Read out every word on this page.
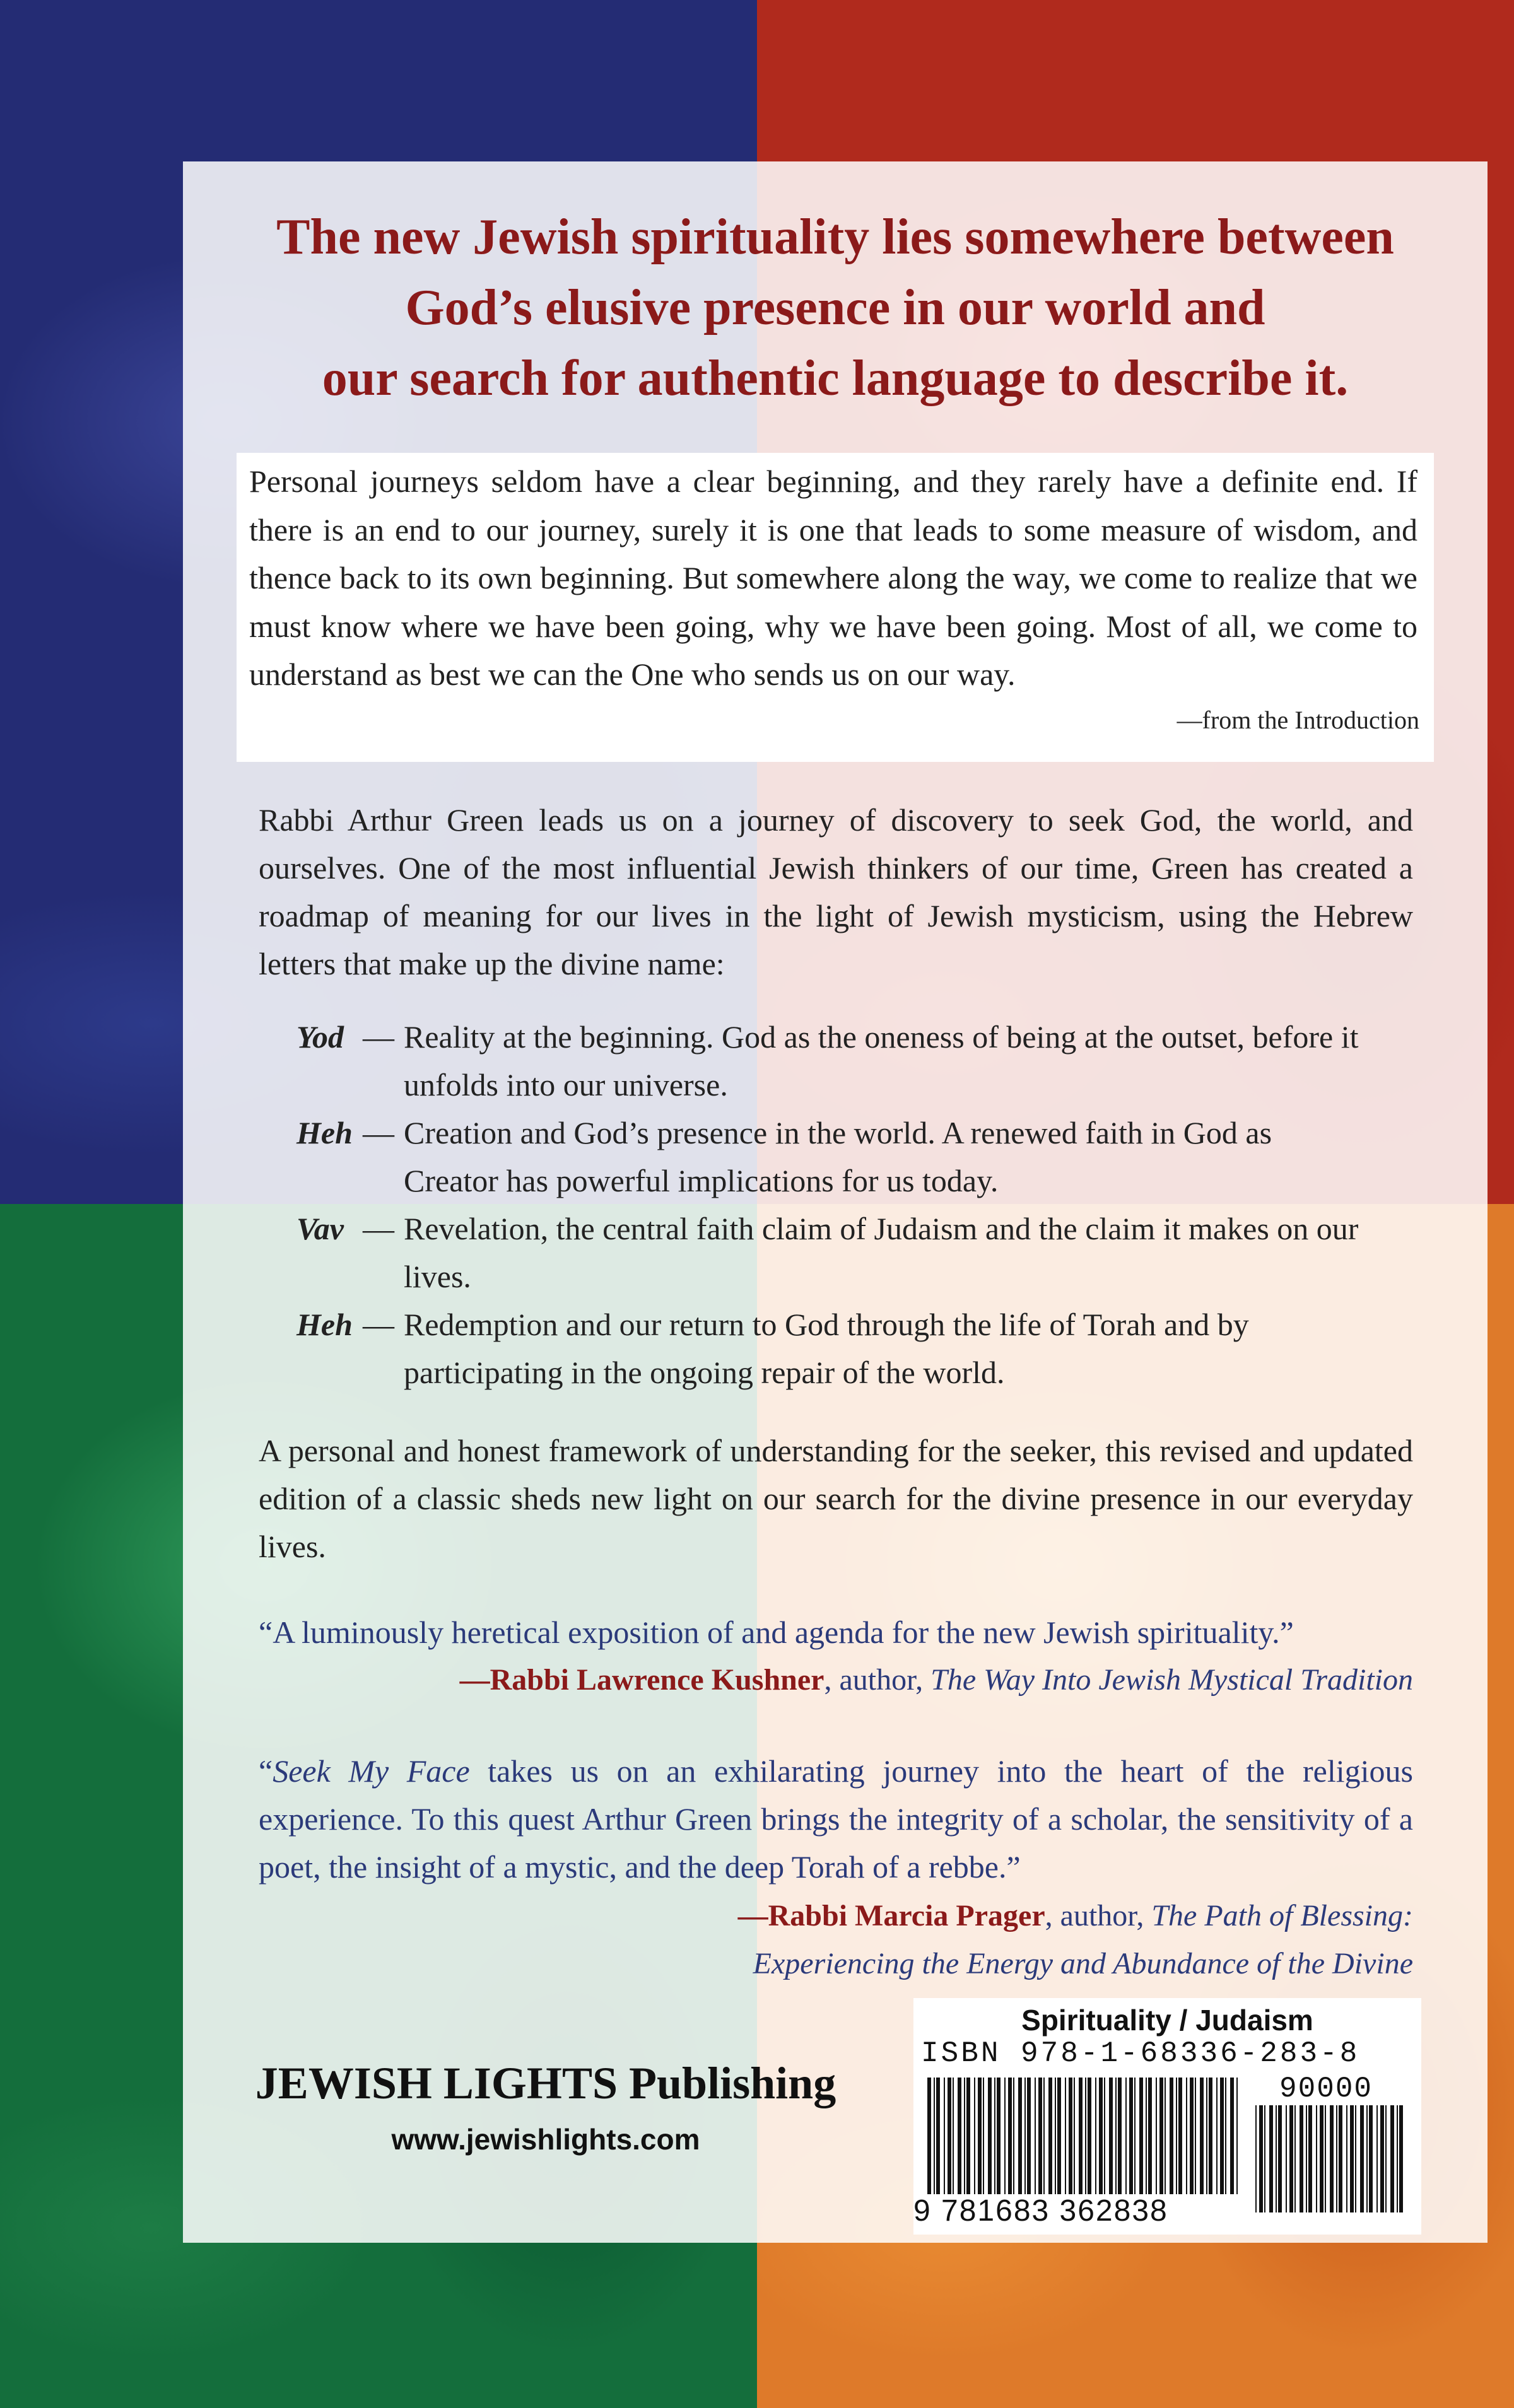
The new Jewish spirituality lies somewhere between
God’s elusive presence in our world and
our search for authentic language to describe it.
Personal journeys seldom have a clear beginning, and they rarely have a definite end. If there is an end to our journey, surely it is one that leads to some measure of wisdom, and thence back to its own beginning. But somewhere along the way, we come to realize that we must know where we have been going, why we have been going. Most of all, we come to understand as best we can the One who sends us on our way.
—from the Introduction
Rabbi Arthur Green leads us on a journey of discovery to seek God, the world, and ourselves. One of the most influential Jewish thinkers of our time, Green has created a roadmap of meaning for our lives in the light of Jewish mysticism, using the Hebrew letters that make up the divine name:
Yod — Reality at the beginning. God as the oneness of being at the outset, before it unfolds into our universe.
Heh — Creation and God’s presence in the world. A renewed faith in God as Creator has powerful implications for us today.
Vav — Revelation, the central faith claim of Judaism and the claim it makes on our lives.
Heh — Redemption and our return to God through the life of Torah and by participating in the ongoing repair of the world.
A personal and honest framework of understanding for the seeker, this revised and updated edition of a classic sheds new light on our search for the divine presence in our everyday lives.
“A luminously heretical exposition of and agenda for the new Jewish spirituality.”
—Rabbi Lawrence Kushner, author, The Way Into Jewish Mystical Tradition
“Seek My Face takes us on an exhilarating journey into the heart of the religious experience. To this quest Arthur Green brings the integrity of a scholar, the sensitivity of a poet, the insight of a mystic, and the deep Torah of a rebbe.”
—Rabbi Marcia Prager, author, The Path of Blessing:
Experiencing the Energy and Abundance of the Divine
JEWISH LIGHTS Publishing
www.jewishlights.com
Spirituality / Judaism
ISBN 978-1-68336-283-8
90000
9 781683 362838
